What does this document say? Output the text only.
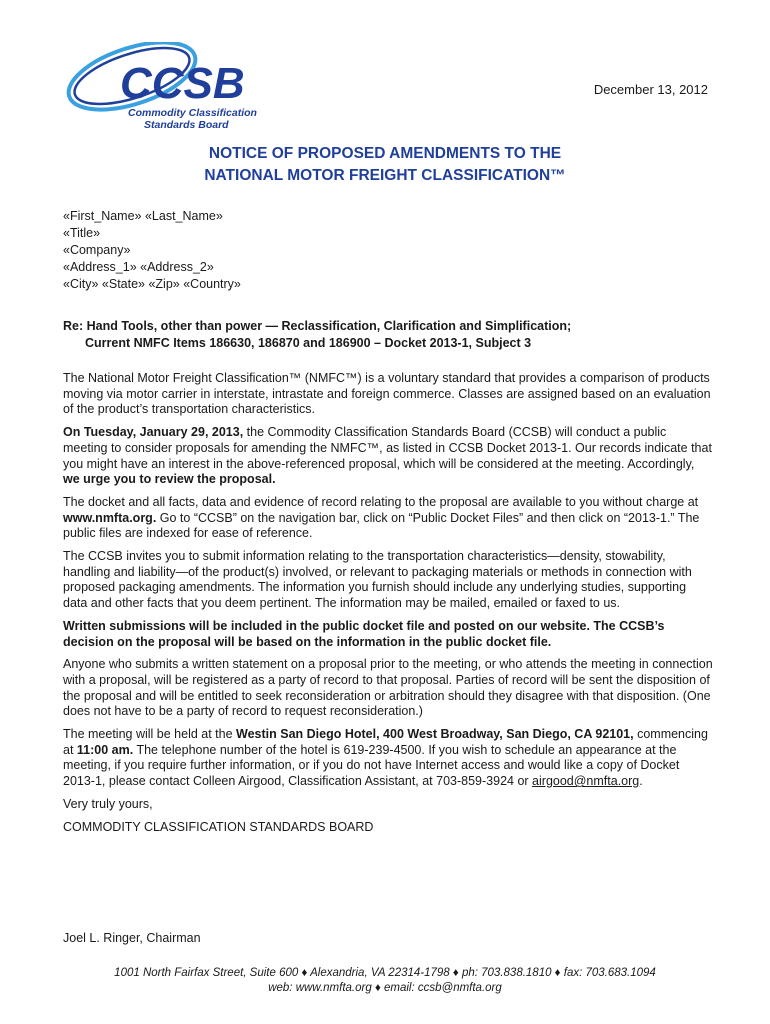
CCSB
Commodity Classification
Standards Board
December 13, 2012
NOTICE OF PROPOSED AMENDMENTS TO THE
NATIONAL MOTOR FREIGHT CLASSIFICATION™
«First_Name» «Last_Name»
«Title»
«Company»
«Address_1» «Address_2»
«City» «State» «Zip» «Country»
Re: Hand Tools, other than power — Reclassification, Clarification and Simplification;
Current NMFC Items 186630, 186870 and 186900 – Docket 2013-1, Subject 3

The National Motor Freight Classification™ (NMFC™) is a voluntary standard that provides a comparison of products moving via motor carrier in interstate, intrastate and foreign commerce. Classes are assigned based on an evaluation of the product’s transportation characteristics.

On Tuesday, January 29, 2013, the Commodity Classification Standards Board (CCSB) will conduct a public meeting to consider proposals for amending the NMFC™, as listed in CCSB Docket 2013-1. Our records indicate that you might have an interest in the above-referenced proposal, which will be considered at the meeting. Accordingly, we urge you to review the proposal.

The docket and all facts, data and evidence of record relating to the proposal are available to you without charge at www.nmfta.org. Go to “CCSB” on the navigation bar, click on “Public Docket Files” and then click on “2013-1.” The public files are indexed for ease of reference.

The CCSB invites you to submit information relating to the transportation characteristics—density, stowability, handling and liability—of the product(s) involved, or relevant to packaging materials or methods in connection with proposed packaging amendments. The information you furnish should include any underlying studies, supporting data and other facts that you deem pertinent. The information may be mailed, emailed or faxed to us.

Written submissions will be included in the public docket file and posted on our website. The CCSB’s decision on the proposal will be based on the information in the public docket file.

Anyone who submits a written statement on a proposal prior to the meeting, or who attends the meeting in connection with a proposal, will be registered as a party of record to that proposal. Parties of record will be sent the disposition of the proposal and will be entitled to seek reconsideration or arbitration should they disagree with that disposition. (One does not have to be a party of record to request reconsideration.)

The meeting will be held at the Westin San Diego Hotel, 400 West Broadway, San Diego, CA 92101, commencing at 11:00 am. The telephone number of the hotel is 619-239-4500. If you wish to schedule an appearance at the meeting, if you require further information, or if you do not have Internet access and would like a copy of Docket 2013-1, please contact Colleen Airgood, Classification Assistant, at 703-859-3924 or airgood@nmfta.org.

Very truly yours,

COMMODITY CLASSIFICATION STANDARDS BOARD

Joel L. Ringer, Chairman
1001 North Fairfax Street, Suite 600 ♦ Alexandria, VA 22314-1798 ♦ ph: 703.838.1810 ♦ fax: 703.683.1094
web: www.nmfta.org ♦ email: ccsb@nmfta.org
